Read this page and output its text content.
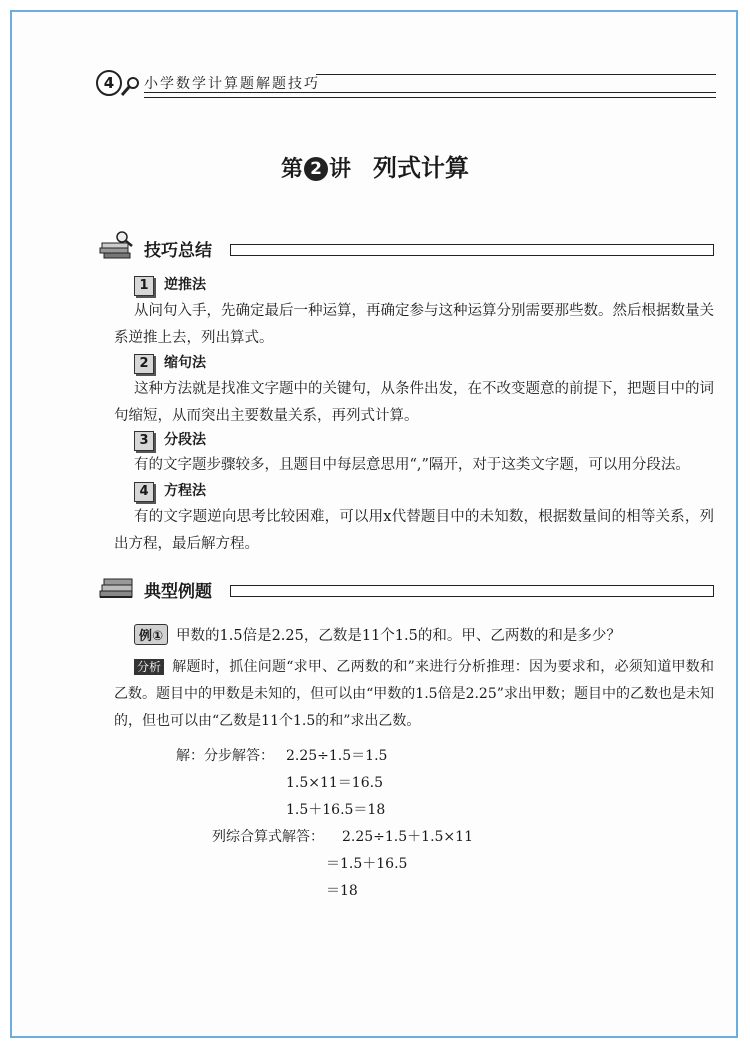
4	小学数学计算题解题技巧
第 2 讲 列式计算
技巧总结
1 逆推法
从问句入手，先确定最后一种运算，再确定参与这种运算分别需要那些数。然后根据数量关系逆推上去，列出算式。
2 缩句法
这种方法就是找准文字题中的关键句，从条件出发，在不改变题意的前提下，把题目中的词句缩短，从而突出主要数量关系，再列式计算。
3 分段法
有的文字题步骤较多，且题目中每层意思用“,”隔开，对于这类文字题，可以用分段法。
4 方程法
有的文字题逆向思考比较困难，可以用x代替题目中的未知数，根据数量间的相等关系，列出方程，最后解方程。
典型例题
例① 甲数的1.5倍是2.25，乙数是11个1.5的和。甲、乙两数的和是多少？
分析 解题时，抓住问题“求甲、乙两数的和”来进行分析推理：因为要求和，必须知道甲数和乙数。题目中的甲数是未知的，但可以由“甲数的1.5倍是2.25”求出甲数；题目中的乙数也是未知的，但也可以由“乙数是11个1.5的和”求出乙数。
解：分步解答： 2.25÷1.5＝1.5
1.5×11＝16.5
1.5＋16.5＝18
列综合算式解答： 2.25÷1.5＋1.5×11
＝1.5＋16.5
＝18
